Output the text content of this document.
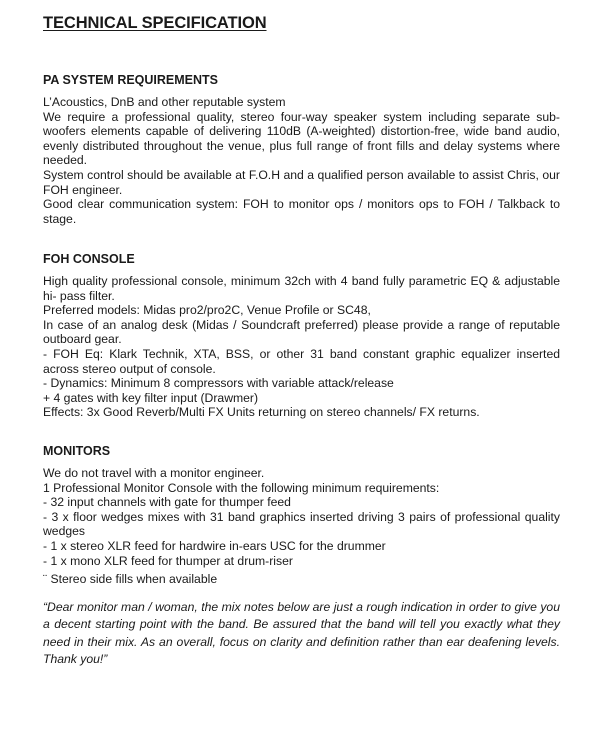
TECHNICAL SPECIFICATION
PA SYSTEM REQUIREMENTS

L’Acoustics, DnB and other reputable system

We require a professional quality, stereo four-way speaker system including separate sub-woofers elements capable of delivering 110dB (A-weighted) distortion-free, wide band audio, evenly distributed throughout the venue, plus full range of front fills and delay systems where needed.

System control should be available at F.O.H and a qualified person available to assist Chris, our FOH engineer.

Good clear communication system: FOH to monitor ops / monitors ops to FOH / Talkback to stage.

FOH CONSOLE

High quality professional console, minimum 32ch with 4 band fully parametric EQ & adjustable hi- pass filter.

Preferred models: Midas pro2/pro2C, Venue Profile or SC48,

In case of an analog desk (Midas / Soundcraft preferred) please provide a range of reputable outboard gear.

- FOH Eq: Klark Technik, XTA, BSS, or other 31 band constant graphic equalizer inserted across stereo output of console.

- Dynamics: Minimum 8 compressors with variable attack/release

+ 4 gates with key filter input (Drawmer)

Effects: 3x Good Reverb/Multi FX Units returning on stereo channels/ FX returns.

MONITORS

We do not travel with a monitor engineer.

1 Professional Monitor Console with the following minimum requirements:

- 32 input channels with gate for thumper feed

- 3 x floor wedges mixes with 31 band graphics inserted driving 3 pairs of professional quality wedges

- 1 x stereo XLR feed for hardwire in-ears USC for the drummer

- 1 x mono XLR feed for thumper at drum-riser

¨ Stereo side fills when available

“Dear monitor man / woman, the mix notes below are just a rough indication in order to give you a decent starting point with the band. Be assured that the band will tell you exactly what they need in their mix. As an overall, focus on clarity and definition rather than ear deafening levels. Thank you!”
